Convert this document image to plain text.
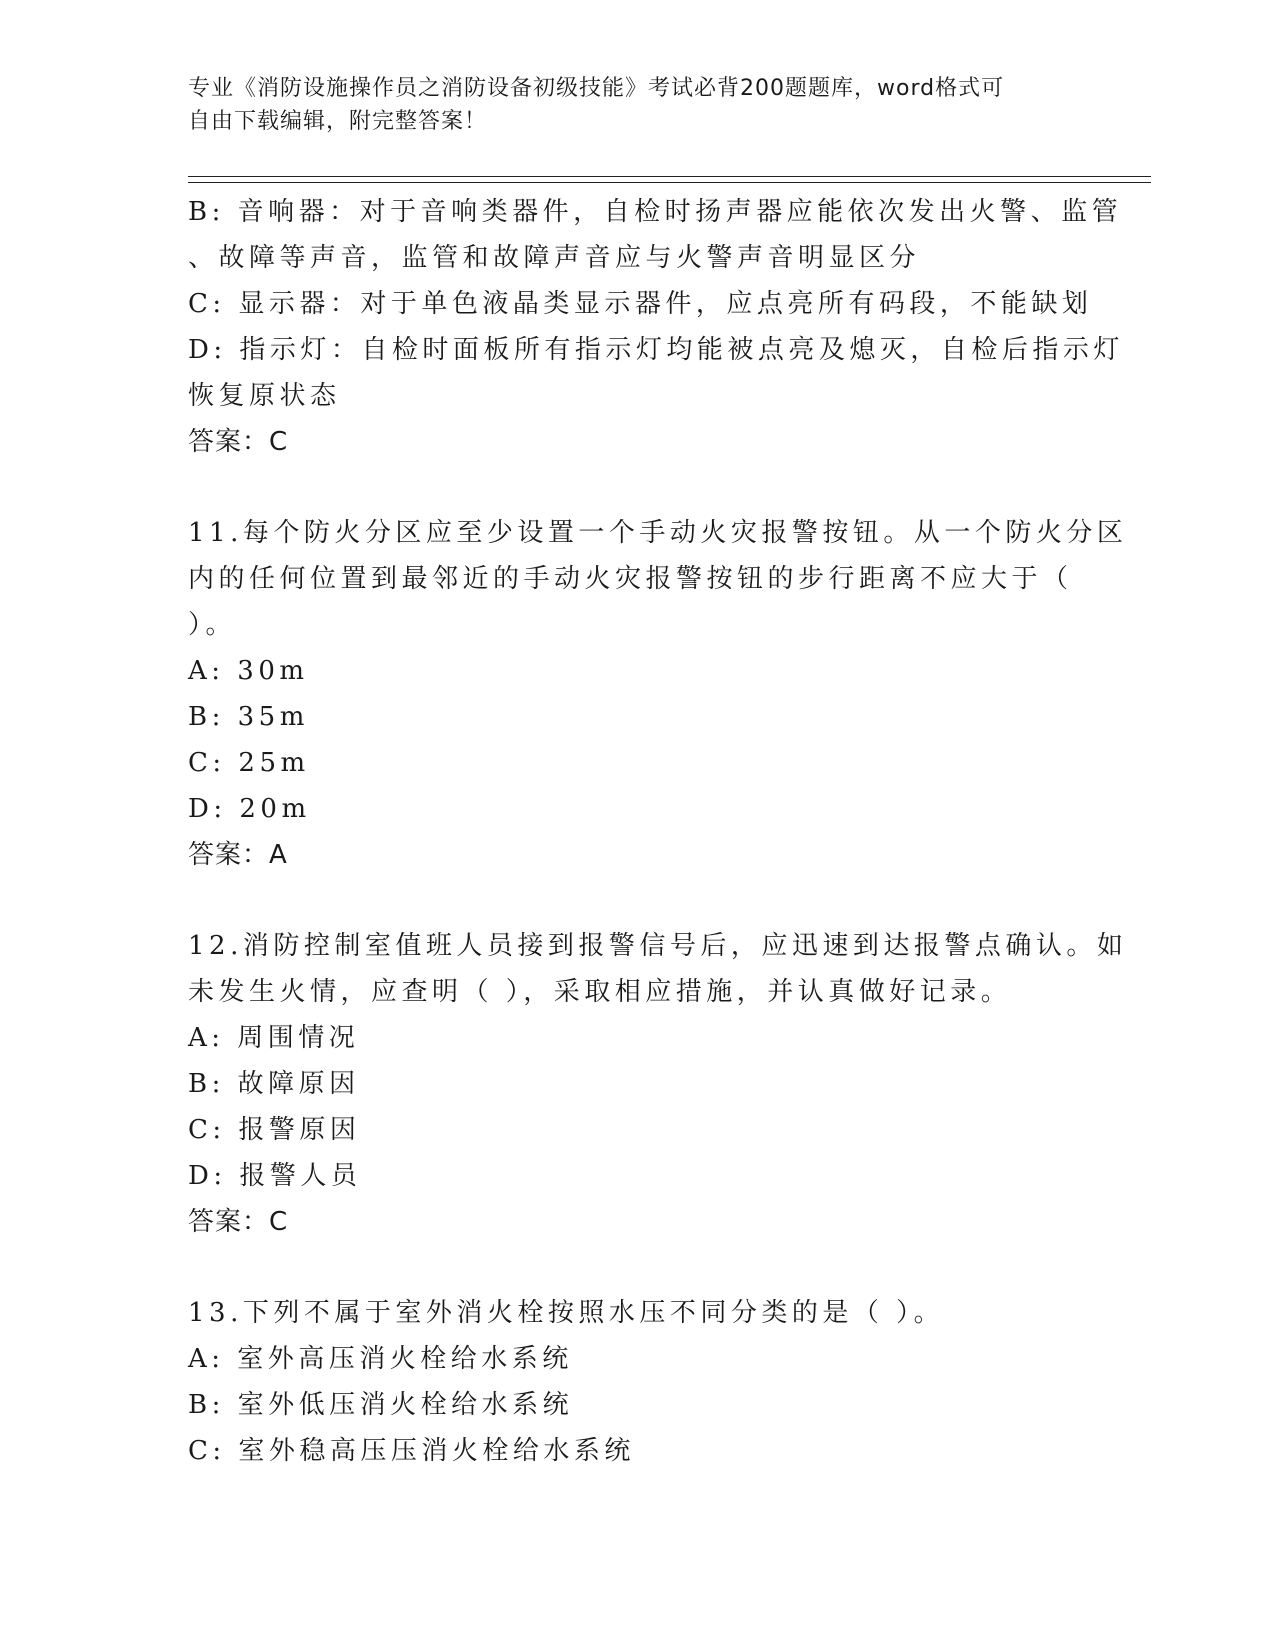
专业《消防设施操作员之消防设备初级技能》考试必背200题题库，word格式可
自由下载编辑，附完整答案！
B: 音响器：对于音响类器件，自检时扬声器应能依次发出火警、监管
、故障等声音，监管和故障声音应与火警声音明显区分
C: 显示器：对于单色液晶类显示器件，应点亮所有码段，不能缺划
D: 指示灯：自检时面板所有指示灯均能被点亮及熄灭，自检后指示灯
恢复原状态
答案：C
11.每个防火分区应至少设置一个手动火灾报警按钮。从一个防火分区
内的任何位置到最邻近的手动火灾报警按钮的步行距离不应大于（
）。
A: 30m
B: 35m
C: 25m
D: 20m
答案：A
12.消防控制室值班人员接到报警信号后，应迅速到达报警点确认。如
未发生火情，应查明（ ），采取相应措施，并认真做好记录。
A: 周围情况
B: 故障原因
C: 报警原因
D: 报警人员
答案：C
13.下列不属于室外消火栓按照水压不同分类的是（ ）。
A: 室外高压消火栓给水系统
B: 室外低压消火栓给水系统
C: 室外稳高压压消火栓给水系统
